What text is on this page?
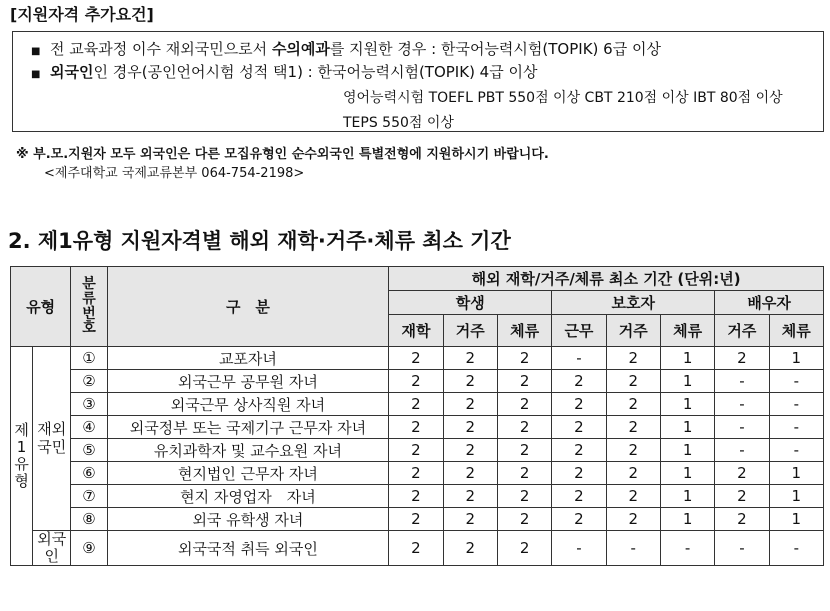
[지원자격 추가요건]
■ 전 교육과정 이수 재외국민으로서 수의예과를 지원한 경우 : 한국어능력시험(TOPIK) 6급 이상
■ 외국인인 경우(공인언어시험 성적 택1) : 한국어능력시험(TOPIK) 4급 이상
영어능력시험 TOEFL PBT 550점 이상 CBT 210점 이상 IBT 80점 이상
TEPS 550점 이상
※ 부.모.지원자 모두 외국인은 다른 모집유형인 순수외국인 특별전형에 지원하시기 바랍니다.
<제주대학교 국제교류본부 064-754-2198>
2. 제1유형 지원자격별 해외 재학·거주·체류 최소 기간
유형		분류번호	구　분	해외 재학/거주/체류 최소 기간 (단위:년)							
				학생			보호자			배우자	
				재학	거주	체류	근무	거주	체류	거주	체류
제1유형	재외국민	①	교포자녀	2	2	2	-	2	1	2	1
		②	외국근무 공무원 자녀	2	2	2	2	2	1	-	-
		③	외국근무 상사직원 자녀	2	2	2	2	2	1	-	-
		④	외국정부 또는 국제기구 근무자 자녀	2	2	2	2	2	1	-	-
		⑤	유치과학자 및 교수요원 자녀	2	2	2	2	2	1	-	-
		⑥	현지법인 근무자 자녀	2	2	2	2	2	1	2	1
		⑦	현지 자영업자　자녀	2	2	2	2	2	1	2	1
		⑧	외국 유학생 자녀	2	2	2	2	2	1	2	1
	외국인	⑨	외국국적 취득 외국인	2	2	2	-	-	-	-	-
